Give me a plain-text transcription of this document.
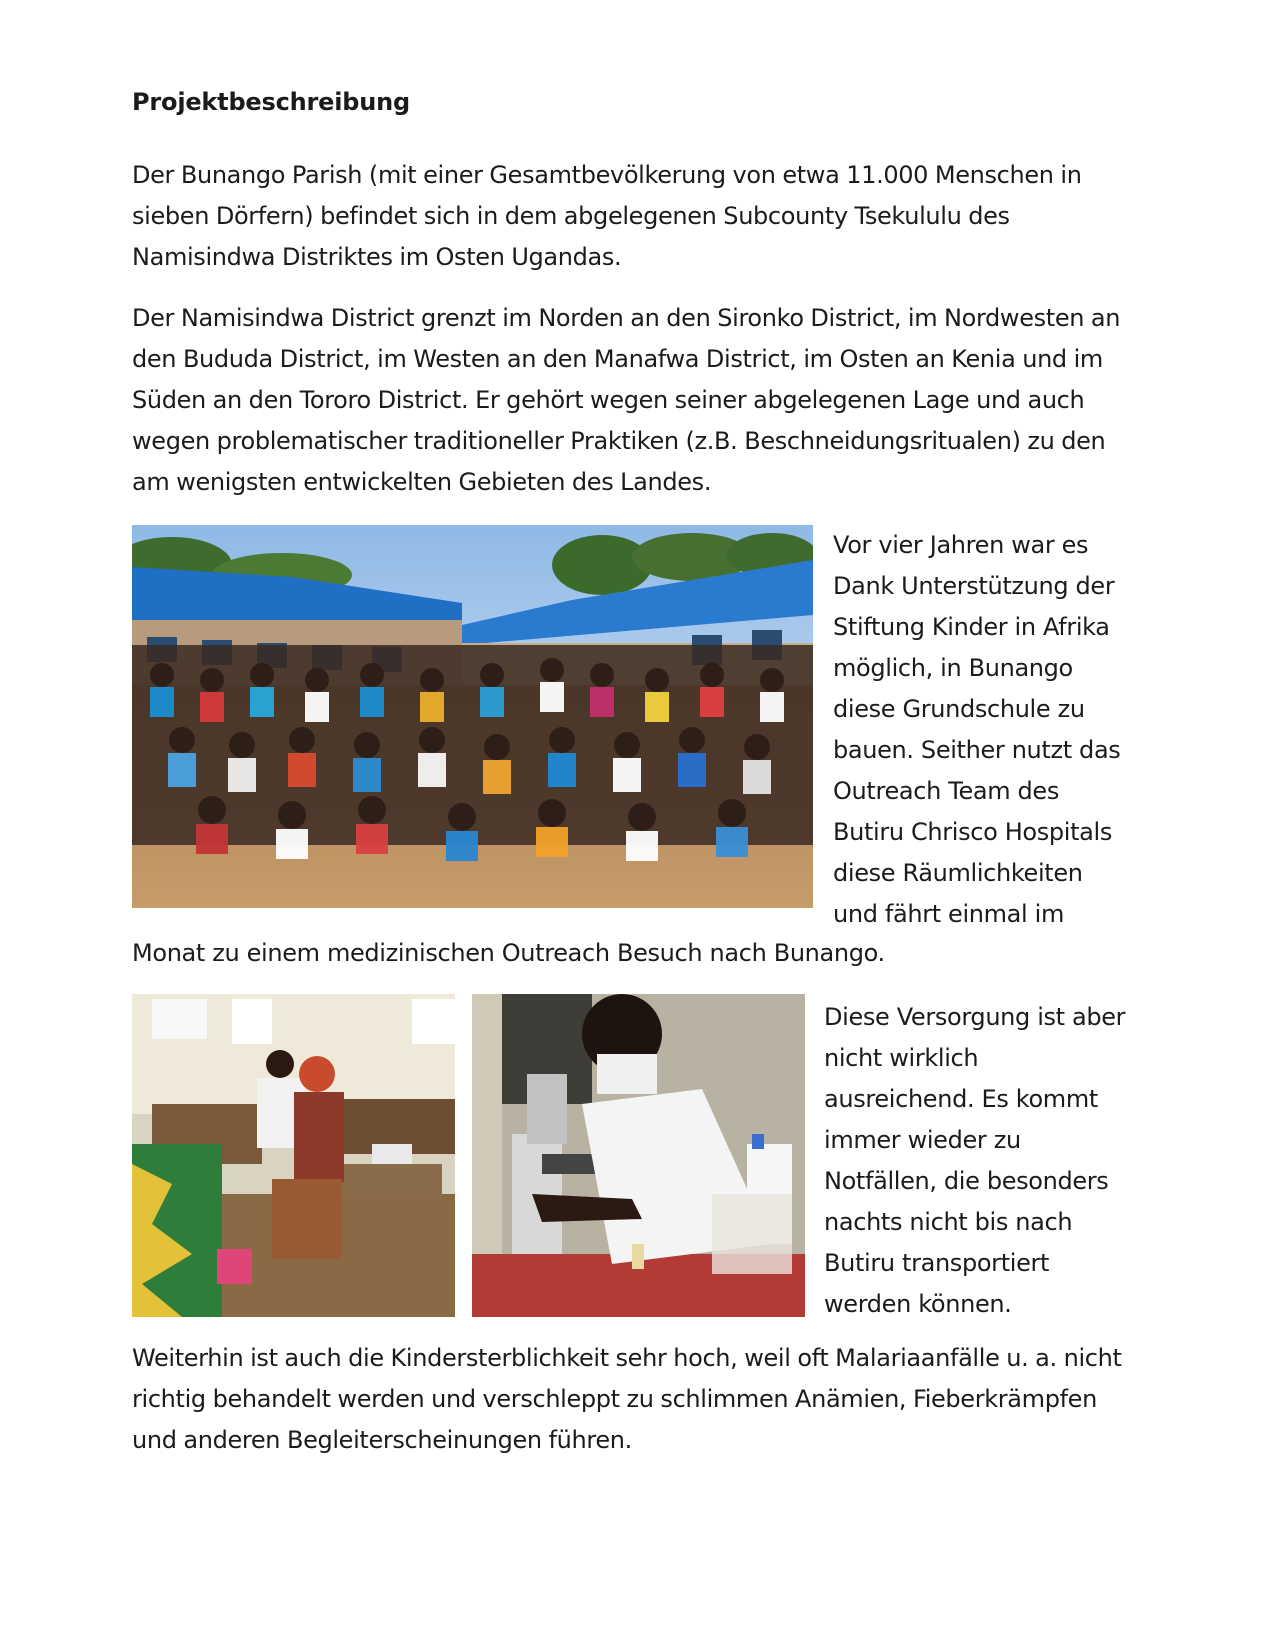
Projektbeschreibung

Der Bunango Parish (mit einer Gesamtbevölkerung von etwa 11.000 Menschen in sieben Dörfern) befindet sich in dem abgelegenen Subcounty Tsekululu des Namisindwa Distriktes im Osten Ugandas.

Der Namisindwa District grenzt im Norden an den Sironko District, im Nordwesten an den Bududa District, im Westen an den Manafwa District, im Osten an Kenia und im Süden an den Tororo District. Er gehört wegen seiner abgelegenen Lage und auch wegen problematischer traditioneller Praktiken (z.B. Beschneidungsritualen) zu den am wenigsten entwickelten Gebieten des Landes.

Vor vier Jahren war es
Dank Unterstützung der
Stiftung Kinder in Afrika
möglich, in Bunango
diese Grundschule zu
bauen. Seither nutzt das
Outreach Team des
Butiru Chrisco Hospitals
diese Räumlichkeiten
und fährt einmal im

Monat zu einem medizinischen Outreach Besuch nach Bunango.

Diese Versorgung ist aber
nicht wirklich
ausreichend. Es kommt
immer wieder zu
Notfällen, die besonders
nachts nicht bis nach
Butiru transportiert
werden können.

Weiterhin ist auch die Kindersterblichkeit sehr hoch, weil oft Malariaanfälle u. a. nicht richtig behandelt werden und verschleppt zu schlimmen Anämien, Fieberkrämpfen und anderen Begleiterscheinungen führen.
